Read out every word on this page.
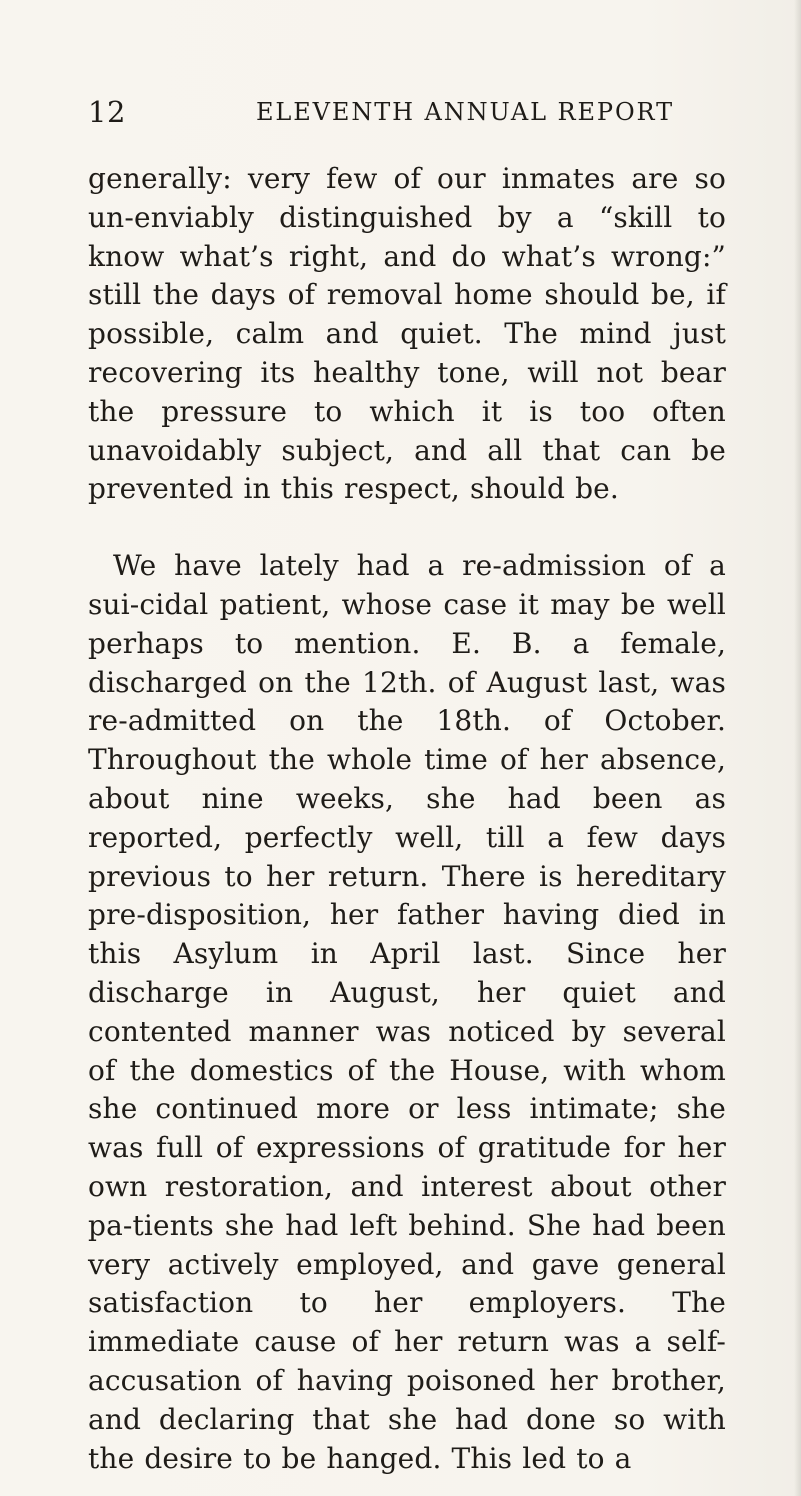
12	ELEVENTH ANNUAL REPORT

generally: very few of our inmates are so un-enviably distinguished by a “skill to know what’s right, and do what’s wrong:” still the days of removal home should be, if possible, calm and quiet. The mind just recovering its healthy tone, will not bear the pressure to which it is too often unavoidably subject, and all that can be prevented in this respect, should be.

We have lately had a re-admission of a sui-cidal patient, whose case it may be well perhaps to mention. E. B. a female, discharged on the 12th. of August last, was re-admitted on the 18th. of October. Throughout the whole time of her absence, about nine weeks, she had been as reported, perfectly well, till a few days previous to her return. There is hereditary pre-disposition, her father having died in this Asylum in April last. Since her discharge in August, her quiet and contented manner was noticed by several of the domestics of the House, with whom she continued more or less intimate; she was full of expressions of gratitude for her own restoration, and interest about other pa-tients she had left behind. She had been very actively employed, and gave general satisfaction to her employers. The immediate cause of her return was a self-accusation of having poisoned her brother, and declaring that she had done so with the desire to be hanged. This led to a
